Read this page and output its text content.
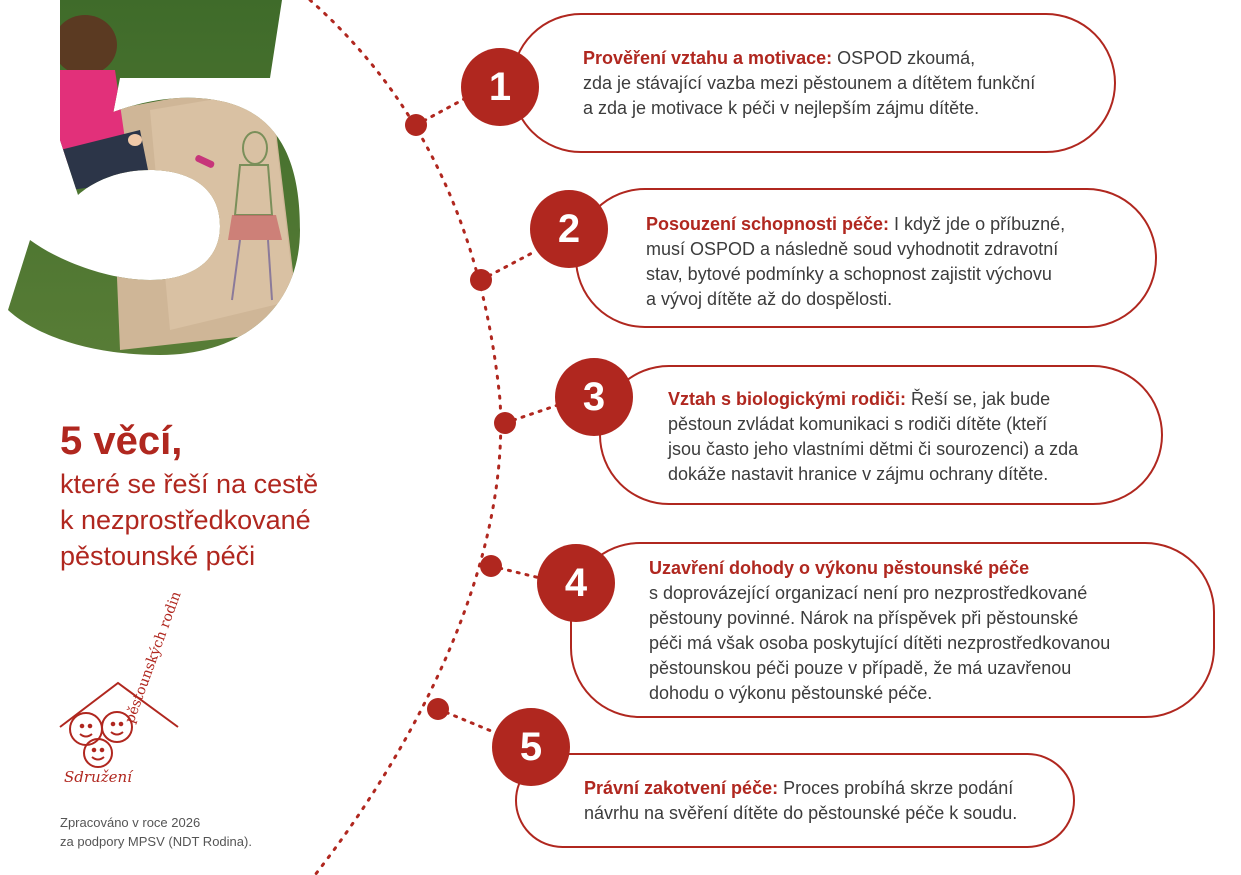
5 věcí,
které se řeší na cestě
k nezprostředkované
pěstounské péči
1
Prověření vztahu a motivace: OSPOD zkoumá,
zda je stávající vazba mezi pěstounem a dítětem funkční
a zda je motivace k péči v nejlepším zájmu dítěte.
2	Posouzení schopnosti péče: I když jde o příbuzné,
musí OSPOD a následně soud vyhodnotit zdravotní
stav, bytové podmínky a schopnost zajistit výchovu
a vývoj dítěte až do dospělosti.
3	Vztah s biologickými rodiči: Řeší se, jak bude
pěstoun zvládat komunikaci s rodiči dítěte (kteří
jsou často jeho vlastními dětmi či sourozenci) a zda
dokáže nastavit hranice v zájmu ochrany dítěte.
4	Uzavření dohody o výkonu pěstounské péče
s doprovázející organizací není pro nezprostředkované
pěstouny povinné. Nárok na příspěvek při pěstounské
péči má však osoba poskytující dítěti nezprostředkovanou
pěstounskou péči pouze v případě, že má uzavřenou
dohodu o výkonu pěstounské péče.
5
Právní zakotvení péče: Proces probíhá skrze podání
návrhu na svěření dítěte do pěstounské péče k soudu.
pěstounských rodin
Sdružení
Zpracováno v roce 2026
za podpory MPSV (NDT Rodina).
